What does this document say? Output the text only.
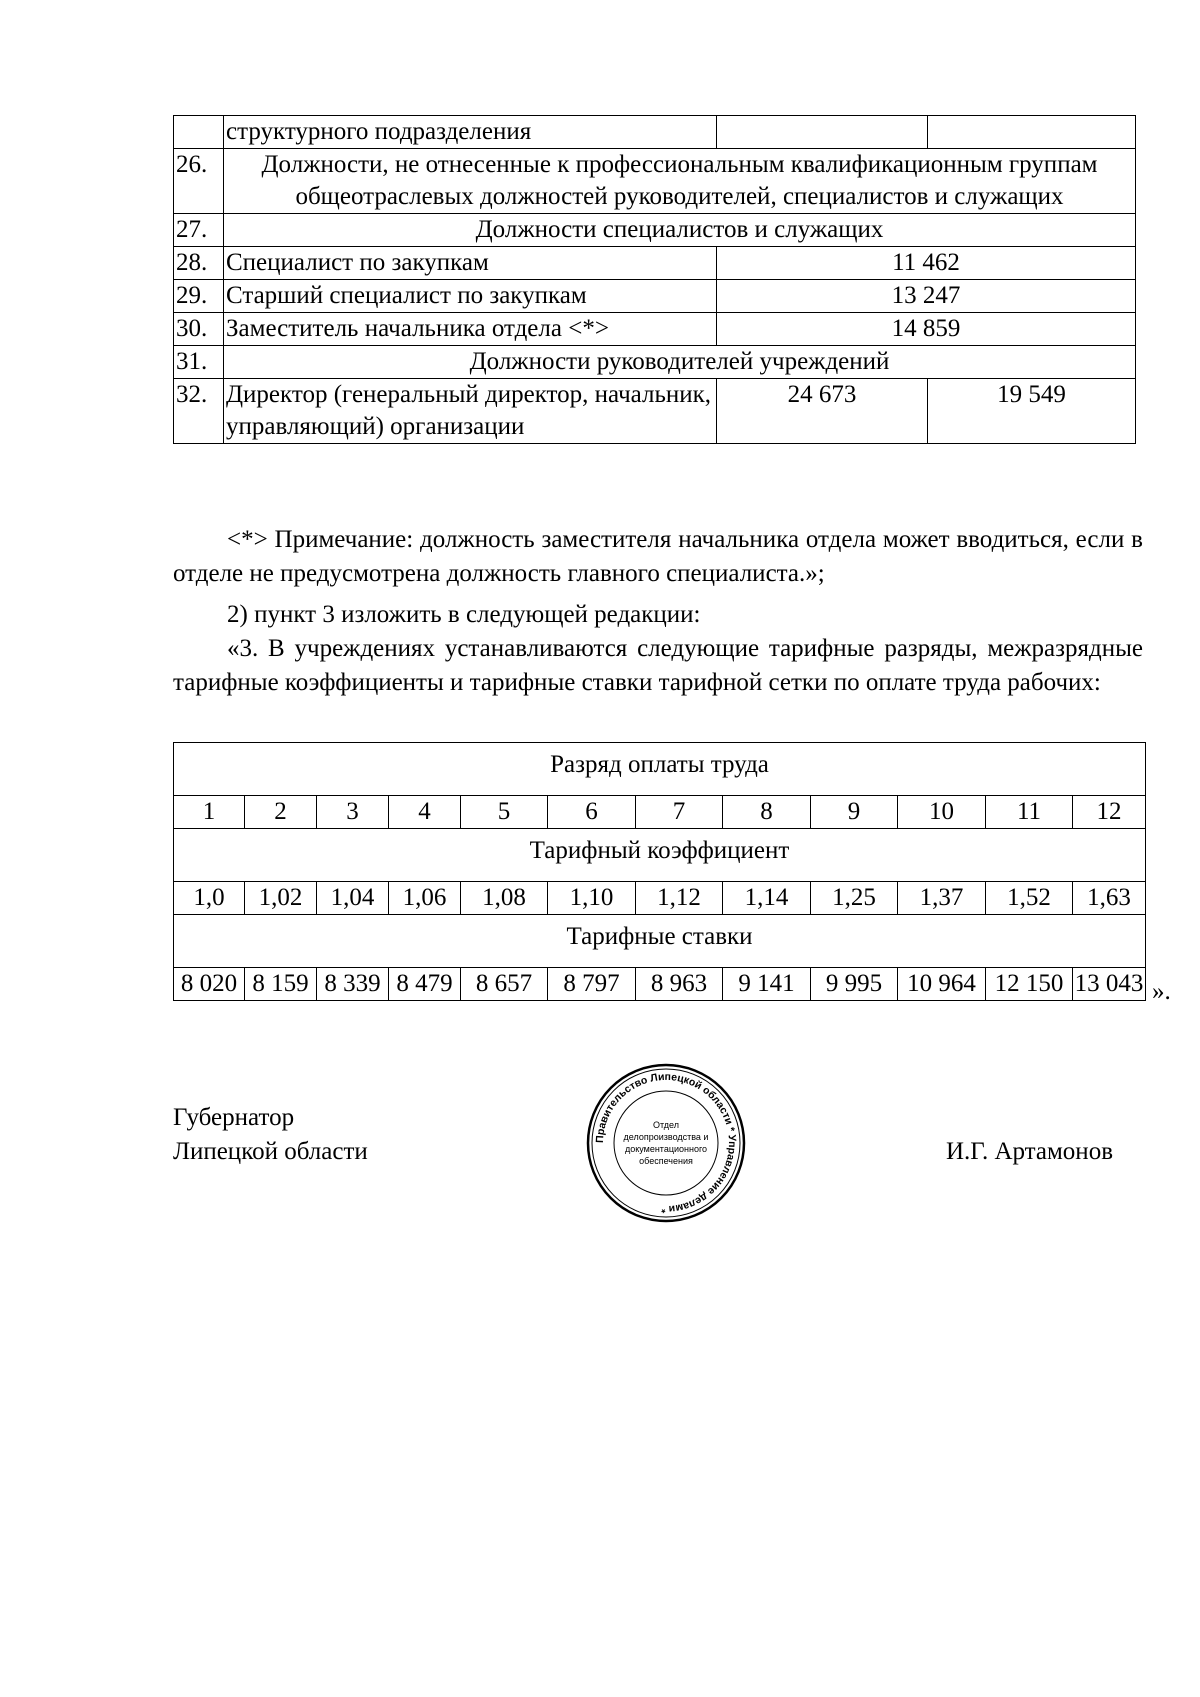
	структурного подразделения		
26.	Должности, не отнесенные к профессиональным квалификационным группам общеотраслевых должностей руководителей, специалистов и служащих		
27.	Должности специалистов и служащих		
28.	Специалист по закупкам	11 462	
29.	Старший специалист по закупкам	13 247	
30.	Заместитель начальника отдела <*>	14 859	
31.	Должности руководителей учреждений		
32.	Директор (генеральный директор, начальник, управляющий) организации	24 673	19 549

<*> Примечание: должность заместителя начальника отдела может вводиться, если в отделе не предусмотрена должность главного специалиста.»;

2) пункт 3 изложить в следующей редакции:

«3. В учреждениях устанавливаются следующие тарифные разряды, межразрядные тарифные коэффициенты и тарифные ставки тарифной сетки по оплате труда рабочих:

Разряд оплаты труда											
1	2	3	4	5	6	7	8	9	10	11	12
Тарифный коэффициент											
1,0	1,02	1,04	1,06	1,08	1,10	1,12	1,14	1,25	1,37	1,52	1,63
Тарифные ставки											
8 020	8 159	8 339	8 479	8 657	8 797	8 963	9 141	9 995	10 964	12 150	13 043 ».
Губернатор
Липецкой области	И.Г. Артамонов
Правительство Липецкой области * Управление делами *
Отдел
делопроизводства и
документационного
обеспечения
